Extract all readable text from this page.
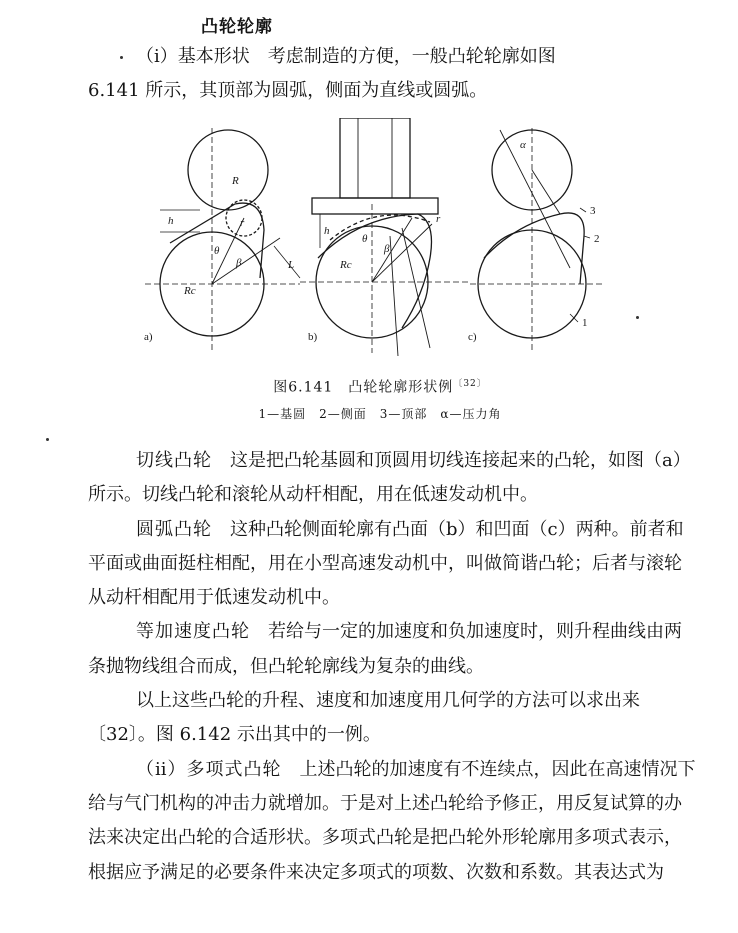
凸轮轮廓
（ⅰ）基本形状　 考虑制造的方便，一般凸轮轮廓如图
6.141 所示，其顶部为圆弧，侧面为直线或圆弧。
R
h	r
θ
β
Rc
L
a)
h
r
θ
β
Rc
b)
α
3
2
1
c)
图6.141　凸轮轮廓形状例$^{〔32〕}$
1—基圆　2—侧面　3—顶部　α—压力角

切线凸轮　 这是把凸轮基圆和顶圆用切线连接起来的凸轮，如图（a）所示。切线凸轮和滚轮从动杆相配，用在低速发动机中。

圆弧凸轮　 这种凸轮侧面轮廓有凸面（b）和凹面（c）两种。前者和平面或曲面挺柱相配，用在小型高速发动机中，叫做简谐凸轮；后者与滚轮从动杆相配用于低速发动机中。

等加速度凸轮　 若给与一定的加速度和负加速度时，则升程曲线由两条抛物线组合而成，但凸轮轮廓线为复杂的曲线。

以上这些凸轮的升程、速度和加速度用几何学的方法可以求出来〔32〕。图 6.142 示出其中的一例。

（ⅱ）多项式凸轮　 上述凸轮的加速度有不连续点，因此在高速情况下给与气门机构的冲击力就增加。于是对上述凸轮给予修正，用反复试算的办法来决定出凸轮的合适形状。多项式凸轮是把凸轮外形轮廓用多项式表示，根据应予满足的必要条件来决定多项式的项数、次数和系数。其表达式为
